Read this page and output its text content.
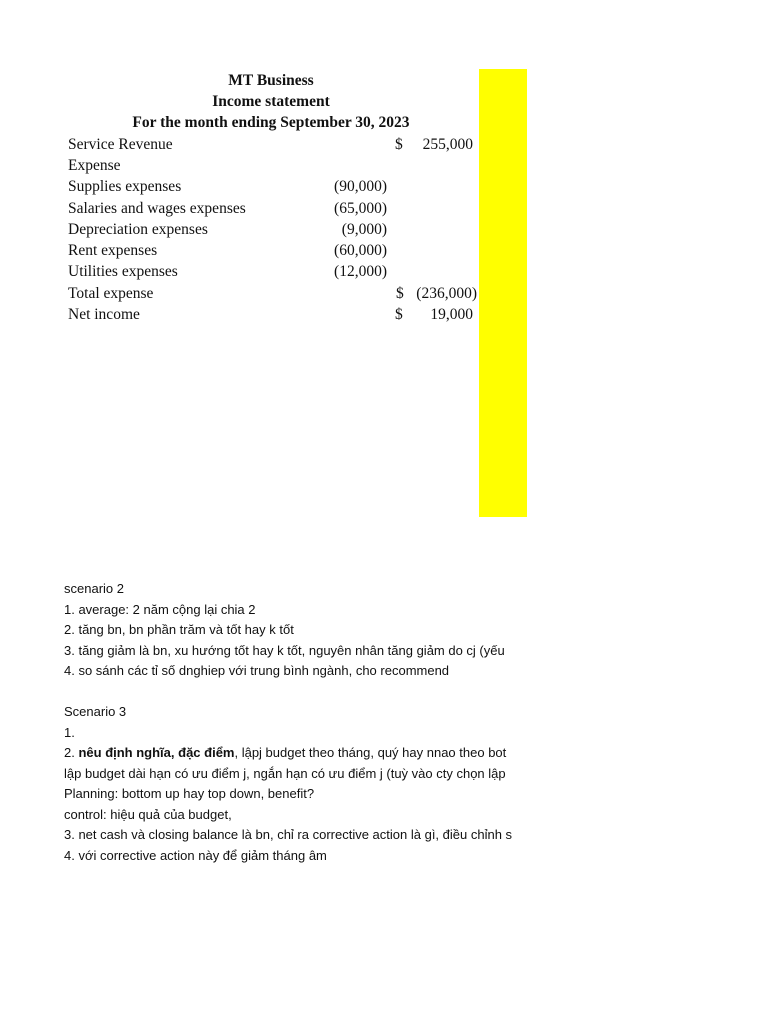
MT Business
Income statement
For the month ending September 30, 2023
Service Revenue	$ 255,000
Expense
Supplies expenses	(90,000)
Salaries and wages expenses	(65,000)
Depreciation expenses	(9,000)
Rent expenses	(60,000)
Utilities expenses	(12,000)
Total expense	$ (236,000)
Net income	$ 19,000
scenario 2
1. average: 2 năm cộng lại chia 2
2. tăng bn, bn phần trăm và tốt hay k tốt
3. tăng giảm là bn, xu hướng tốt hay k tốt, nguyên nhân tăng giảm do cj (yếu
4. so sánh các tỉ số dnghiep với trung bình ngành, cho recommend
Scenario 3
1.
2. nêu định nghĩa, đặc điểm, lậpj budget theo tháng, quý hay nnao theo bot
lập budget dài hạn có ưu điểm j, ngắn hạn có ưu điểm j (tuỳ vào cty chọn lập
Planning: bottom up hay top down, benefit?
control: hiệu quả của budget,
3. net cash và closing balance là bn, chỉ ra corrective action là gì, điều chỉnh s
4. với corrective action này để giảm tháng âm
